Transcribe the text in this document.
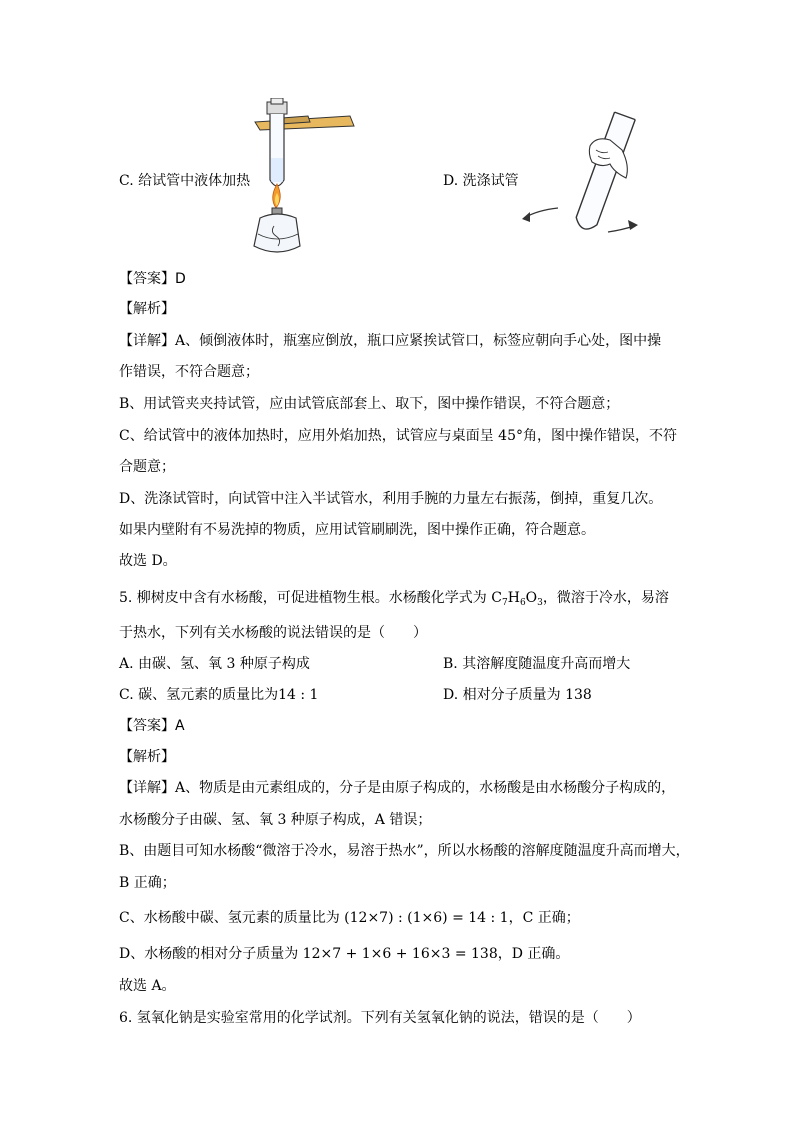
C. 给试管中液体加热	D. 洗涤试管
【答案】D
【解析】
【详解】A、倾倒液体时，瓶塞应倒放，瓶口应紧挨试管口，标签应朝向手心处，图中操
作错误，不符合题意；
B、用试管夹夹持试管，应由试管底部套上、取下，图中操作错误，不符合题意；
C、给试管中的液体加热时，应用外焰加热，试管应与桌面呈 45°角，图中操作错误，不符
合题意；
D、洗涤试管时，向试管中注入半试管水，利用手腕的力量左右振荡，倒掉，重复几次。
如果内壁附有不易洗掉的物质，应用试管刷刷洗，图中操作正确，符合题意。
故选 D。
5. 柳树皮中含有水杨酸，可促进植物生根。水杨酸化学式为 $C_7H_6O_3$，微溶于冷水，易溶
于热水，下列有关水杨酸的说法错误的是（　　）
A. 由碳、氢、氧 3 种原子构成	B. 其溶解度随温度升高而增大
C. 碳、氢元素的质量比为14 : 1	D. 相对分子质量为 138
【答案】A
【解析】
【详解】A、物质是由元素组成的，分子是由原子构成的，水杨酸是由水杨酸分子构成的，
水杨酸分子由碳、氢、氧 3 种原子构成，A 错误；
B、由题目可知水杨酸“微溶于冷水，易溶于热水”，所以水杨酸的溶解度随温度升高而增大，
B 正确；
C、水杨酸中碳、氢元素的质量比为 (12×7) : (1×6) = 14 : 1，C 正确；
D、水杨酸的相对分子质量为 12×7 + 1×6 + 16×3 = 138，D 正确。
故选 A。
6. 氢氧化钠是实验室常用的化学试剂。下列有关氢氧化钠的说法，错误的是（　　）
